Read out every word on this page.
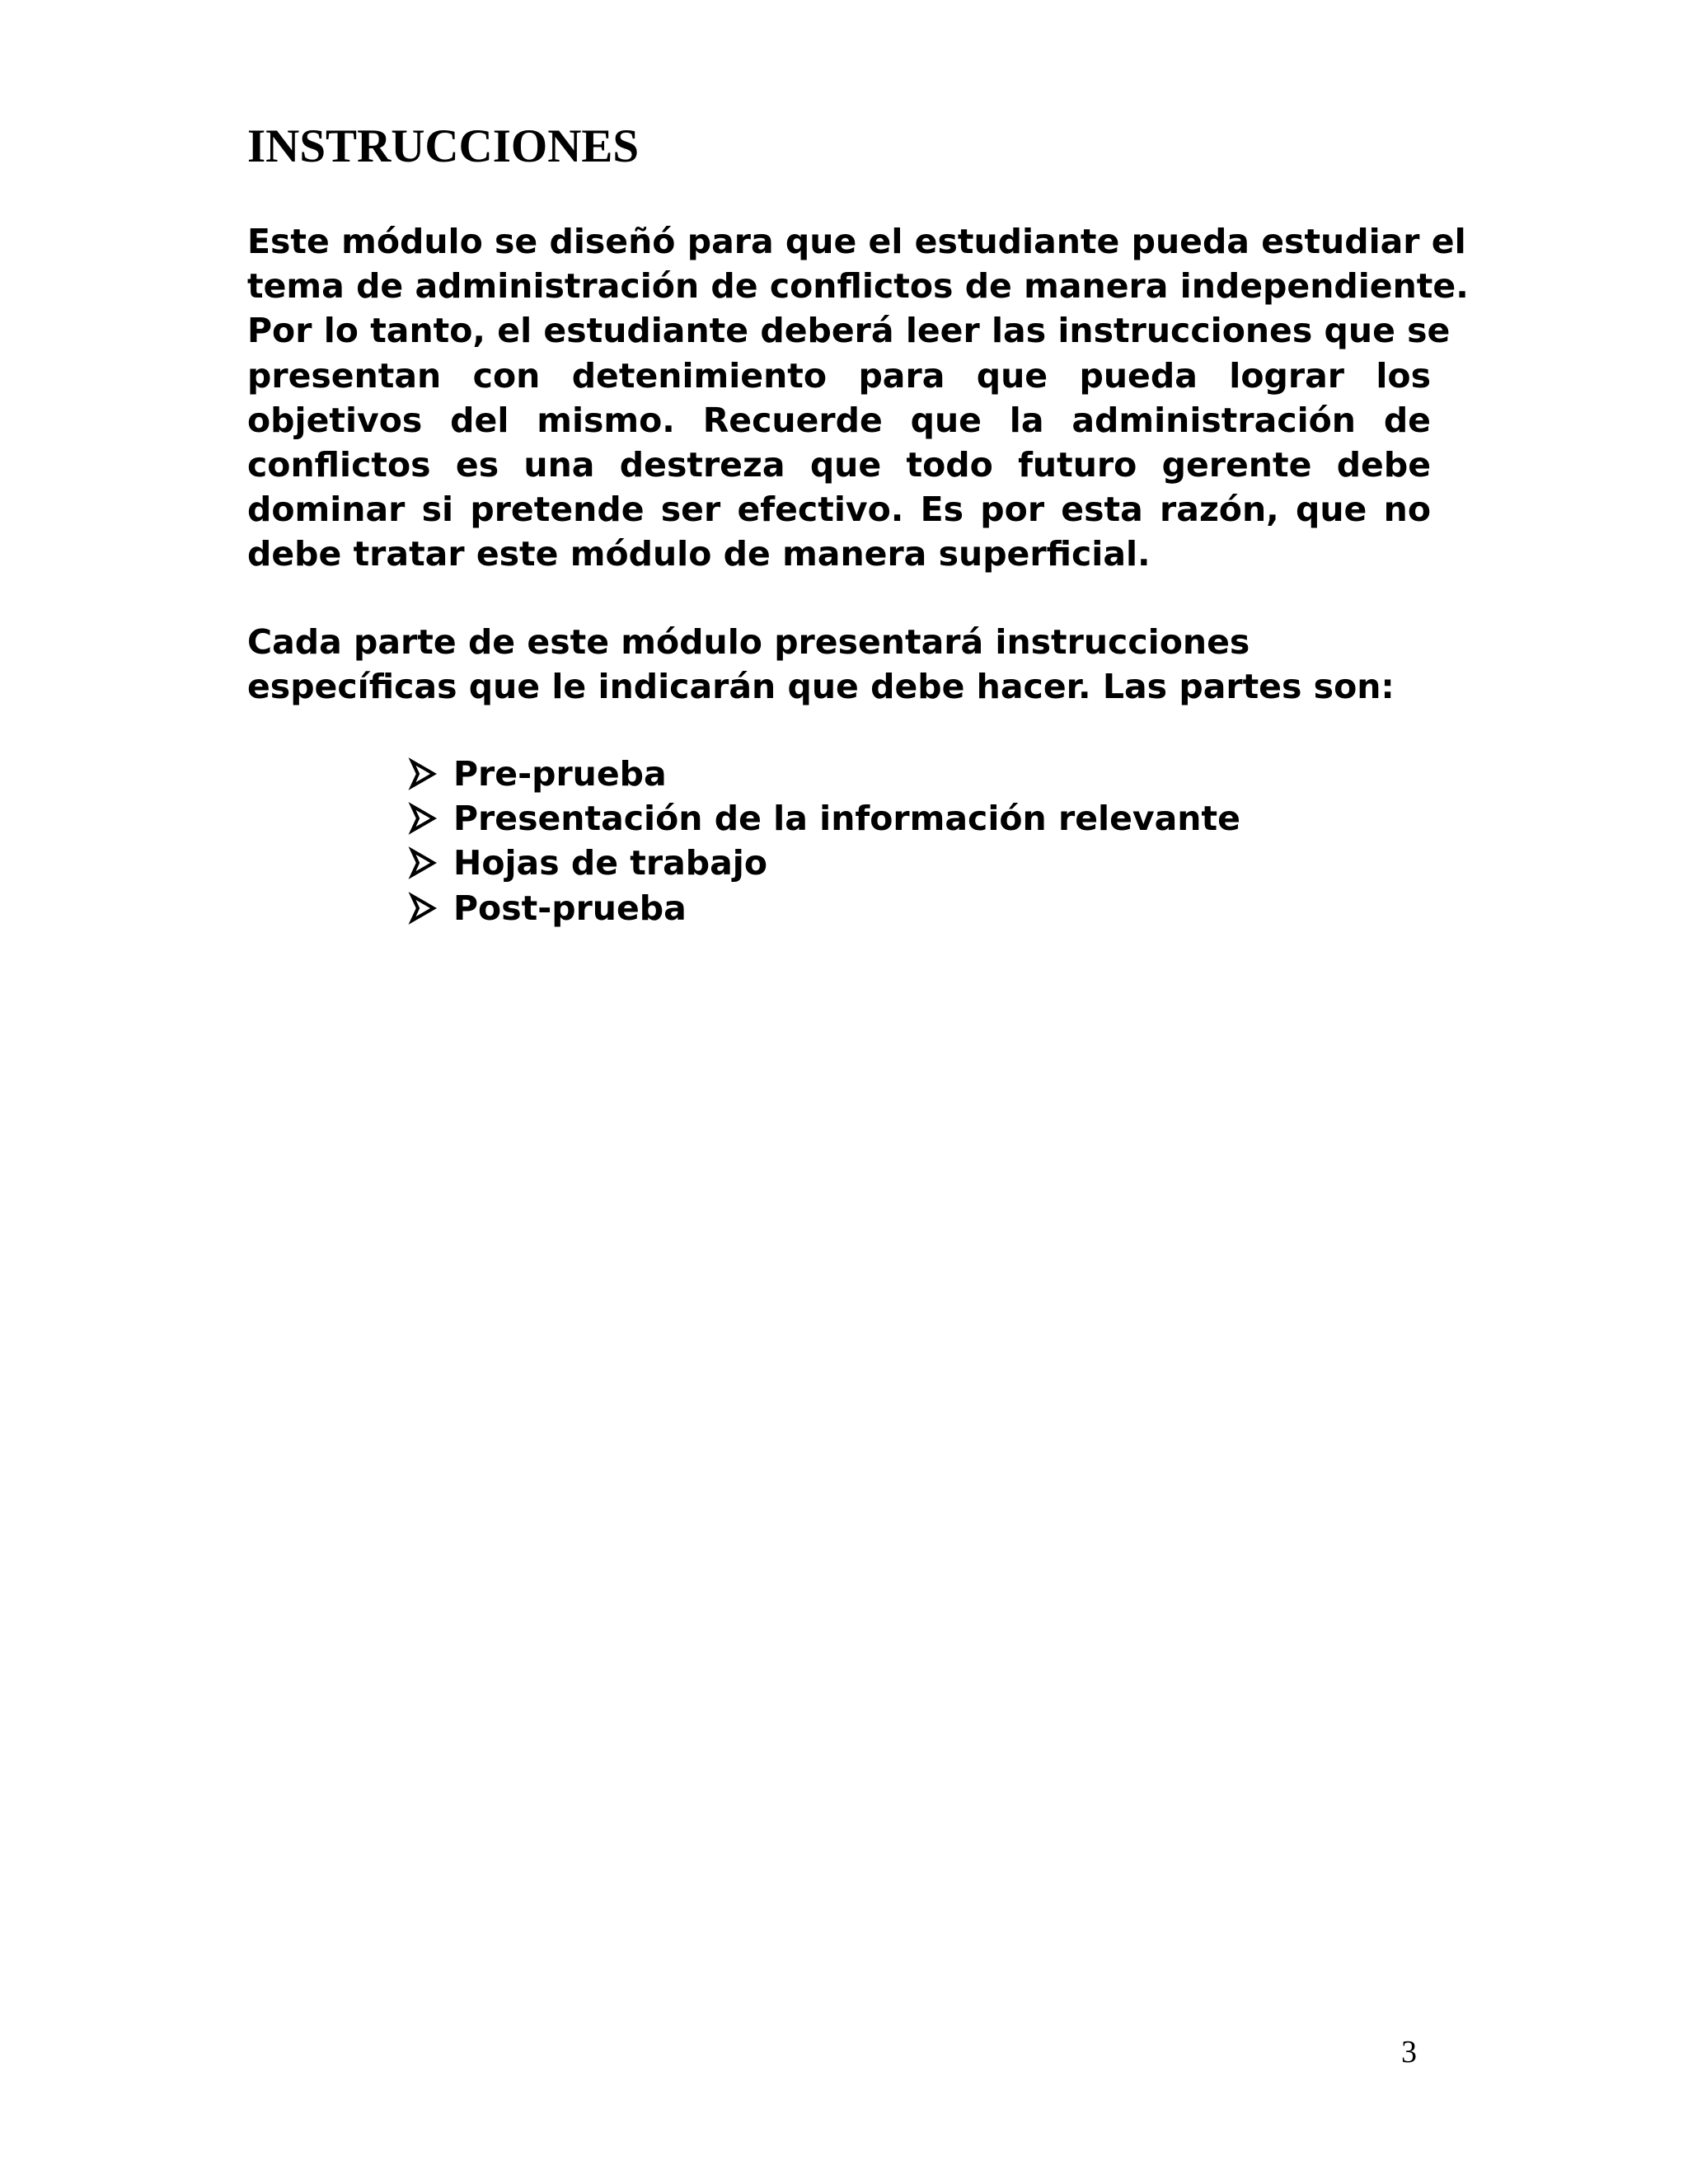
INSTRUCCIONES
Este módulo se diseñó para que el estudiante pueda estudiar el
tema de administración de conflictos de manera independiente.
Por lo tanto, el estudiante deberá leer las instrucciones que se
presentan con detenimiento para que pueda lograr los
objetivos del mismo. Recuerde que la administración de
conflictos es una destreza que todo futuro gerente debe
dominar si pretende ser efectivo. Es por esta razón, que no
debe tratar este módulo de manera superficial.
Cada parte de este módulo presentará instrucciones
específicas que le indicarán que debe hacer. Las partes son:
Pre-prueba
Presentación de la información relevante
Hojas de trabajo
Post-prueba
3
